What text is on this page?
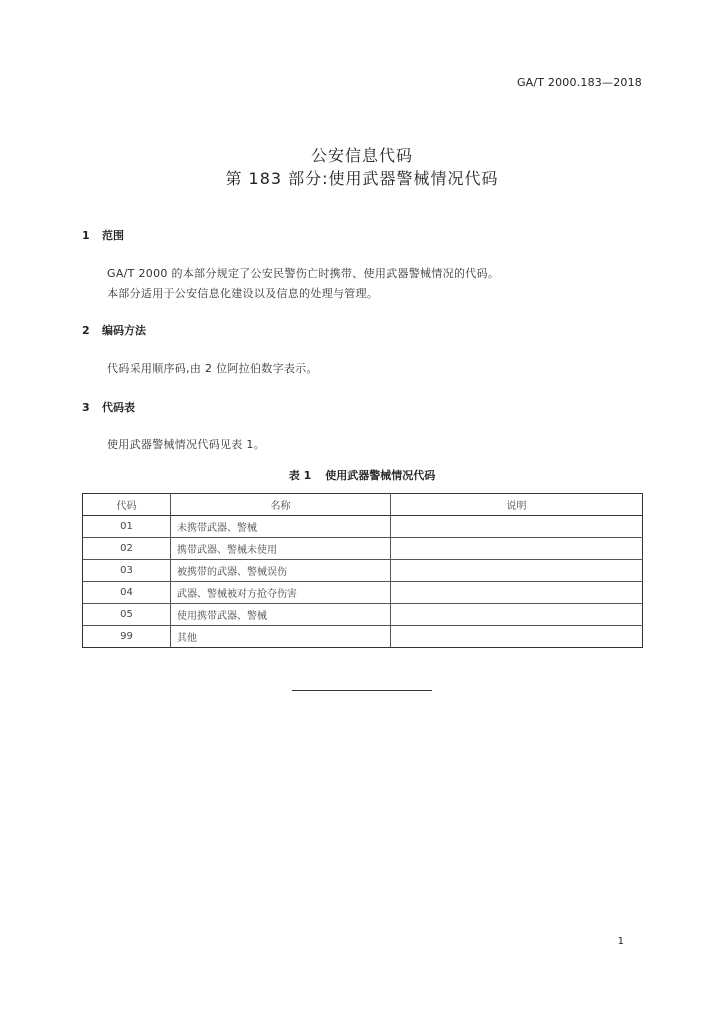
GA/T 2000.183—2018
公安信息代码
第 183 部分:使用武器警械情况代码
1 范围
GA/T 2000 的本部分规定了公安民警伤亡时携带、使用武器警械情况的代码。
本部分适用于公安信息化建设以及信息的处理与管理。
2 编码方法
代码采用顺序码,由 2 位阿拉伯数字表示。
3 代码表
使用武器警械情况代码见表 1。
表 1 使用武器警械情况代码
代码	名称	说明
01	未携带武器、警械	
02	携带武器、警械未使用	
03	被携带的武器、警械误伤	
04	武器、警械被对方抢夺伤害	
05	使用携带武器、警械	
99	其他	
1
